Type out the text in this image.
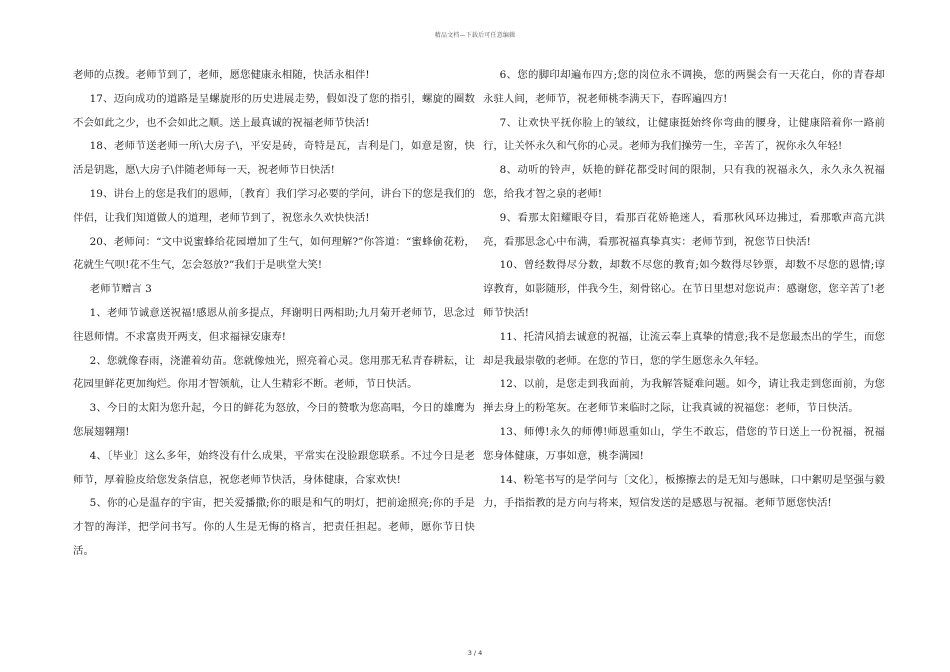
精品文档—下载后可任意编辑

老师的点拨。老师节到了，老师，愿您健康永相随，快活永相伴!

17、迈向成功的道路是呈螺旋形的历史进展走势，假如没了您的指引，螺旋的圈数不会如此之少，也不会如此之顺。送上最真诚的祝福老师节快活!

18、老师节送老师一所\大房子\，平安是砖，奇特是瓦，吉利是门，如意是窗，快活是钥匙，愿\大房子\伴随老师每一天，祝老师节日快活!

19、讲台上的您是我们的恩师，〔教育〕我们学习必要的学问，讲台下的您是我们的伴侣，让我们知道做人的道理，老师节到了，祝您永久欢快快活!

20、老师问：“文中说蜜蜂给花园增加了生气，如何理解?”你答道：“蜜蜂偷花粉，花就生气呗!花不生气，怎会怒放?”我们于是哄堂大笑!

老师节赠言 3

1、老师节诚意送祝福!感恩从前多提点，拜谢明日两相助;九月菊开老师节，思念过往恩师情。不求富贵开两支，但求福禄安康寿!

2、您就像春雨，浇灌着幼苗。您就像烛光，照亮着心灵。您用那无私青春耕耘，让花园里鲜花更加绚烂。你用才智领航，让人生精彩不断。老师，节日快活。

3、今日的太阳为您升起，今日的鲜花为怒放，今日的赞歌为您高唱，今日的雄鹰为您展翅翱翔!

4、〔毕业〕这么多年，始终没有什么成果，平常实在没脸跟您联系。不过今日是老师节，厚着脸皮给您发条信息，祝您老师节快活，身体健康，合家欢快!

5、你的心是温存的宇宙，把关爱播撒;你的眼是和气的明灯，把前途照亮;你的手是才智的海洋，把学问书写。你的人生是无悔的格言，把责任担起。老师，愿你节日快活。

6、您的脚印却遍布四方;您的岗位永不调换，您的两鬓会有一天花白，你的青春却永驻人间，老师节，祝老师桃李满天下，春晖遍四方!

7、让欢快平抚你脸上的皱纹，让健康挺始终你弯曲的腰身，让健康陪着你一路前行，让关怀永久和气你的心灵。老师为我们操劳一生，辛苦了，祝你永久年轻!

8、动听的铃声，妖艳的鲜花都受时间的限制，只有我的祝福永久，永久永久祝福您，给我才智之泉的老师!

9、看那太阳耀眼夺目，看那百花娇艳迷人，看那秋风环边拂过，看那歌声高亢洪亮，看那思念心中布满，看那祝福真挚真实：老师节到，祝您节日快活!

10、曾经数得尽分数，却数不尽您的教育;如今数得尽钞票，却数不尽您的恩情;谆谆教育，如影随形，伴我今生，刻骨铭心。在节日里想对您说声：感谢您，您辛苦了!老师节快活!

11、托清风捎去诚意的祝福，让流云奉上真挚的情意;我不是您最杰出的学生，而您却是我最崇敬的老师。在您的节日，您的学生愿您永久年轻。

12、以前，是您走到我面前，为我解答疑难问题。如今，请让我走到您面前，为您掸去身上的粉笔灰。在老师节来临时之际，让我真诚的祝福您：老师，节日快活。

13、师傅!永久的师傅!师恩重如山，学生不敢忘，借您的节日送上一份祝福，祝福您身体健康，万事如意，桃李满园!

14、粉笔书写的是学问与〔文化〕，板擦擦去的是无知与愚昧，口中絮叨是坚强与毅力，手指指教的是方向与将来，短信发送的是感恩与祝福。老师节愿您快活!

3 / 4
